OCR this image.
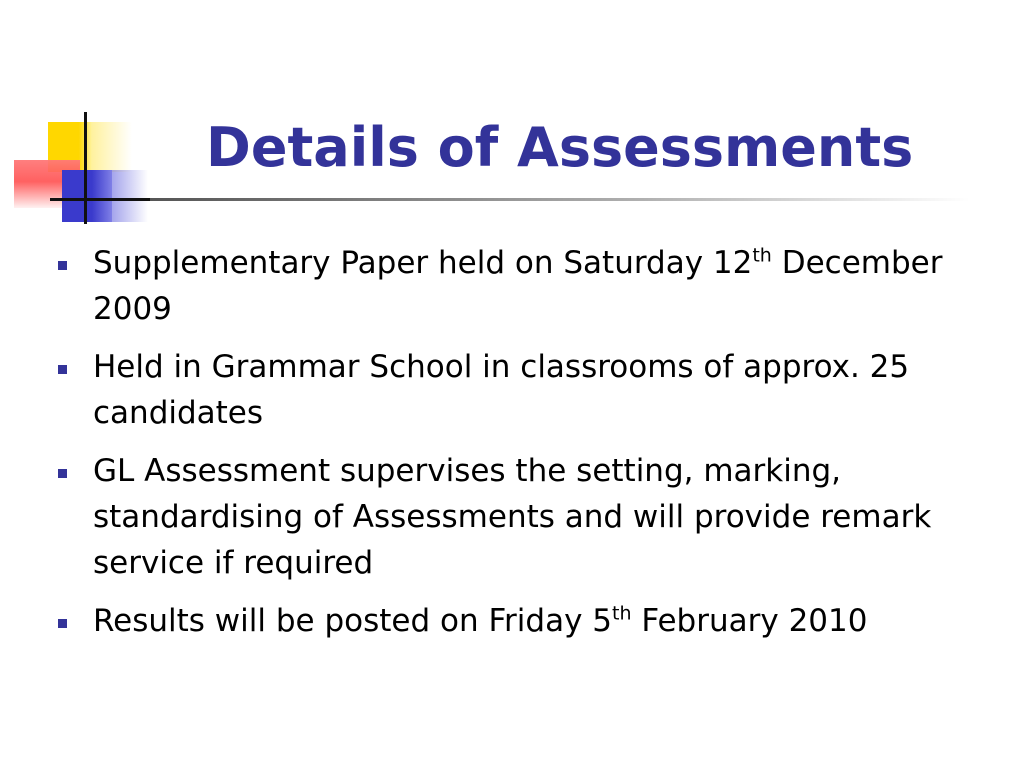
Details of Assessments
Supplementary Paper held on Saturday 12th December 2009
Held in Grammar School in classrooms of approx. 25 candidates
GL Assessment supervises the setting, marking, standardising of Assessments and will provide remark service if required
Results will be posted on Friday 5th February 2010
